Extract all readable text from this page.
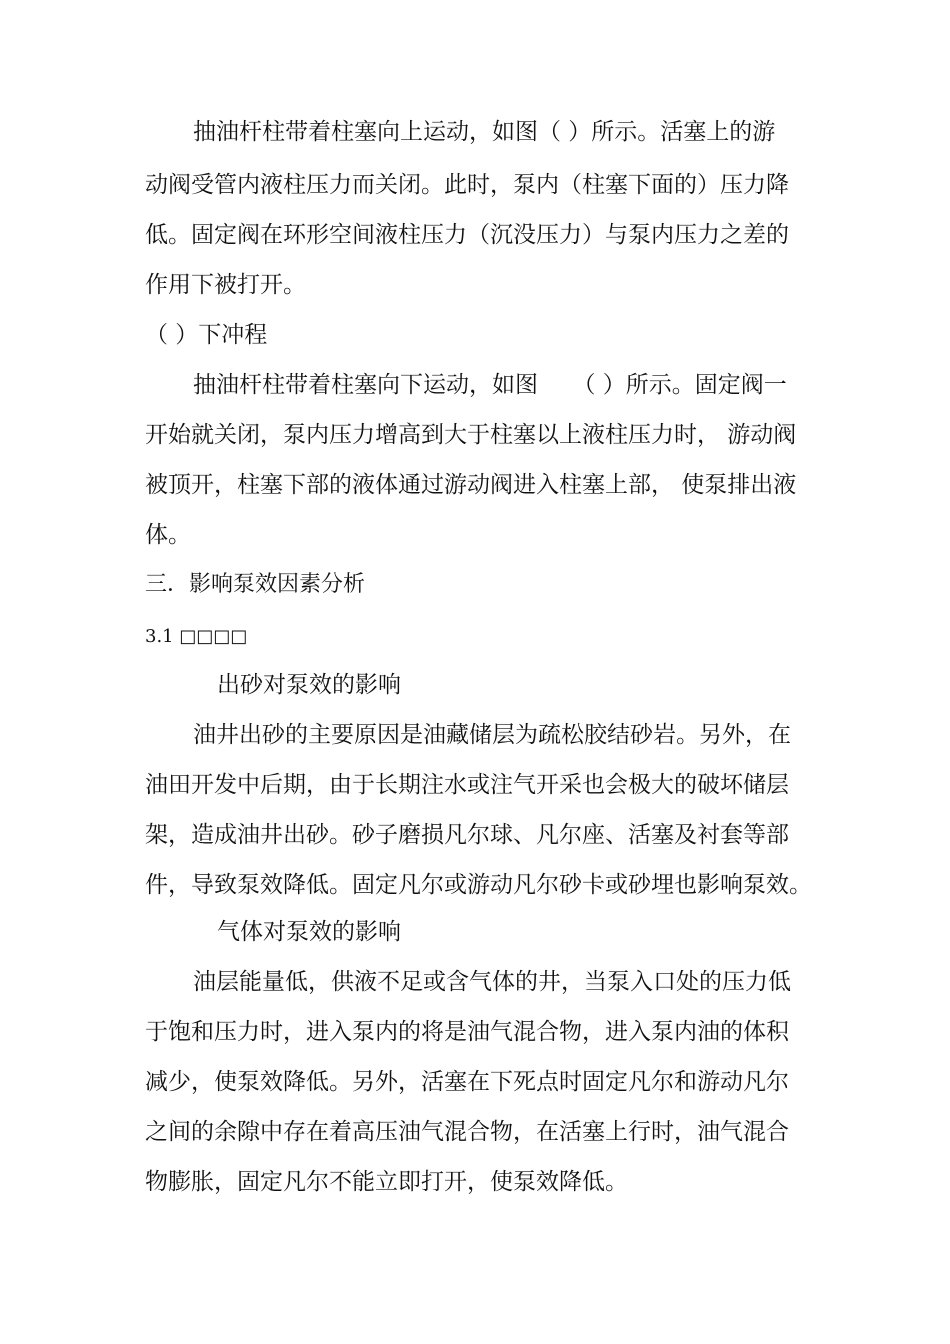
抽油杆柱带着柱塞向上运动，如图（ ）所示。活塞上的游
动阀受管内液柱压力而关闭。此时，泵内（柱塞下面的）压力降
低。固定阀在环形空间液柱压力（沉没压力）与泵内压力之差的
作用下被打开。
（ ）下冲程
抽油杆柱带着柱塞向下运动，如图　　（ ）所示。固定阀一
开始就关闭，泵内压力增高到大于柱塞以上液柱压力时， 游动阀
被顶开，柱塞下部的液体通过游动阀进入柱塞上部， 使泵排出液
体。
三．影响泵效因素分析
3.1 □□□□
出砂对泵效的影响
油井出砂的主要原因是油藏储层为疏松胶结砂岩。另外，在
油田开发中后期，由于长期注水或注气开采也会极大的破坏储层
架，造成油井出砂。砂子磨损凡尔球、凡尔座、活塞及衬套等部
件，导致泵效降低。固定凡尔或游动凡尔砂卡或砂埋也影响泵效。
气体对泵效的影响
油层能量低，供液不足或含气体的井，当泵入口处的压力低
于饱和压力时，进入泵内的将是油气混合物，进入泵内油的体积
减少，使泵效降低。另外，活塞在下死点时固定凡尔和游动凡尔
之间的余隙中存在着高压油气混合物，在活塞上行时，油气混合
物膨胀，固定凡尔不能立即打开，使泵效降低。
